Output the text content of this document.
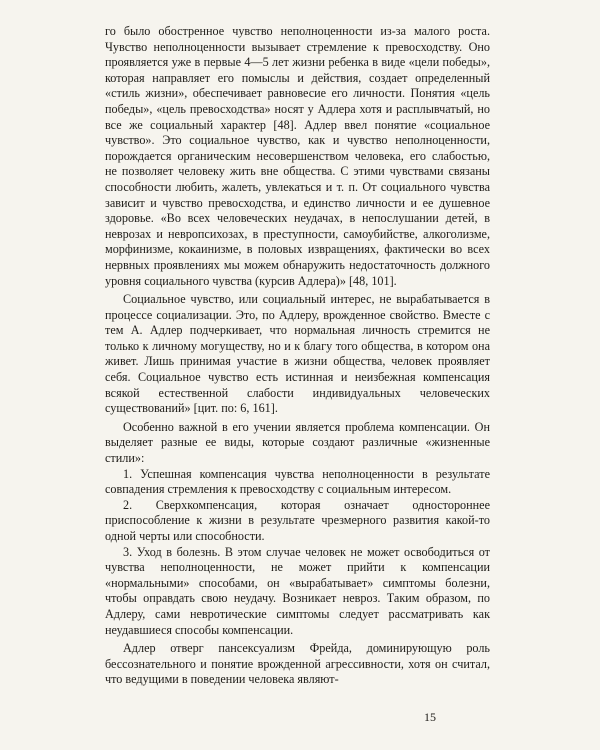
го было обостренное чувство неполноценности из-за малого роста. Чувство неполноценности вызывает стремление к превосходству. Оно проявляется уже в первые 4—5 лет жизни ребенка в виде «цели победы», которая направляет его помыслы и действия, создает определенный «стиль жизни», обеспечивает равновесие его личности. Понятия «цель победы», «цель превосходства» носят у Адлера хотя и расплывчатый, но все же социальный характер [48]. Адлер ввел понятие «социальное чувство». Это социальное чувство, как и чувство неполноценности, порождается органическим несовершенством человека, его слабостью, не позволяет человеку жить вне общества. С этими чувствами связаны способности любить, жалеть, увлекаться и т. п. От социального чувства зависит и чувство превосходства, и единство личности и ее душевное здоровье. «Во всех человеческих неудачах, в непослушании детей, в неврозах и невропсихозах, в преступности, самоубийстве, алкоголизме, морфинизме, кокаинизме, в половых извращениях, фактически во всех нервных проявлениях мы можем обнаружить недостаточность должного уровня социального чувства (курсив Адлера)» [48, 101].

Социальное чувство, или социальный интерес, не вырабатывается в процессе социализации. Это, по Адлеру, врожденное свойство. Вместе с тем А. Адлер подчеркивает, что нормальная личность стремится не только к личному могуществу, но и к благу того общества, в котором она живет. Лишь принимая участие в жизни общества, человек проявляет себя. Социальное чувство есть истинная и неизбежная компенсация всякой естественной слабости индивидуальных человеческих существований» [цит. по: 6, 161].

Особенно важной в его учении является проблема компенсации. Он выделяет разные ее виды, которые создают различные «жизненные стили»:

1. Успешная компенсация чувства неполноценности в результате совпадения стремления к превосходству с социальным интересом.

2. Сверхкомпенсация, которая означает одностороннее приспособление к жизни в результате чрезмерного развития какой-то одной черты или способности.

3. Уход в болезнь. В этом случае человек не может освободиться от чувства неполноценности, не может прийти к компенсации «нормальными» способами, он «вырабатывает» симптомы болезни, чтобы оправдать свою неудачу. Возникает невроз. Таким образом, по Адлеру, сами невротические симптомы следует рассматривать как неудавшиеся способы компенсации.

Адлер отверг пансексуализм Фрейда, доминирующую роль бессознательного и понятие врожденной агрессивности, хотя он считал, что ведущими в поведении человека являют-

15
